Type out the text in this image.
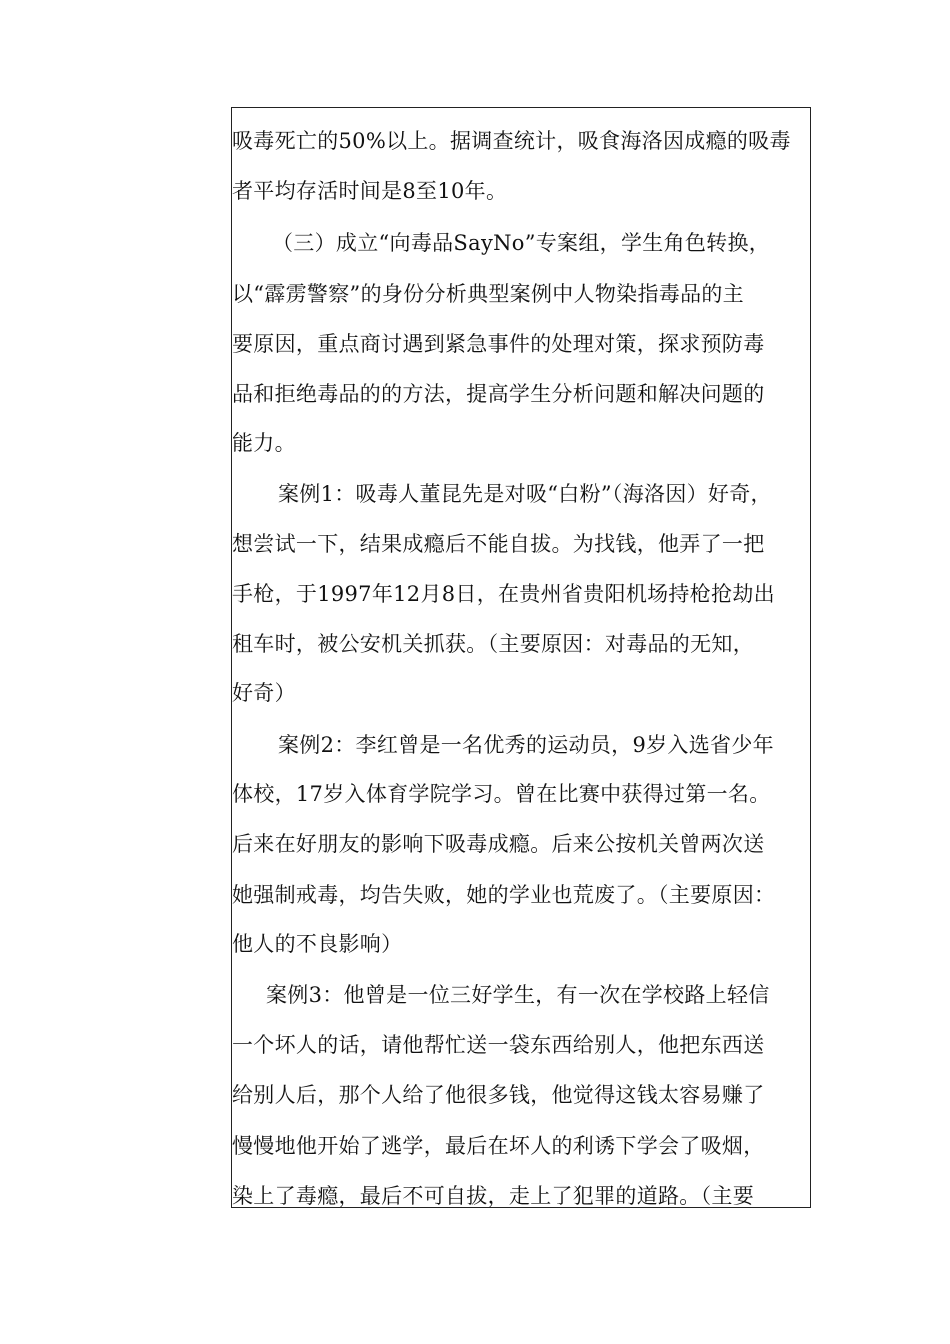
吸毒死亡的50%以上。据调查统计，吸食海洛因成瘾的吸毒
者平均存活时间是8至10年。
（三）成立“向毒品SayNo”专案组，学生角色转换，
以“霹雳警察”的身份分析典型案例中人物染指毒品的主
要原因，重点商讨遇到紧急事件的处理对策，探求预防毒
品和拒绝毒品的的方法，提高学生分析问题和解决问题的
能力。
案例1：吸毒人董昆先是对吸“白粉”（海洛因）好奇，
想尝试一下，结果成瘾后不能自拔。为找钱，他弄了一把
手枪，于1997年12月8日，在贵州省贵阳机场持枪抢劫出
租车时，被公安机关抓获。（主要原因：对毒品的无知，
好奇）
案例2：李红曾是一名优秀的运动员，9岁入选省少年
体校，17岁入体育学院学习。曾在比赛中获得过第一名。
后来在好朋友的影响下吸毒成瘾。后来公按机关曾两次送
她强制戒毒，均告失败，她的学业也荒废了。（主要原因：
他人的不良影响）
案例3：他曾是一位三好学生，有一次在学校路上轻信
一个坏人的话，请他帮忙送一袋东西给别人，他把东西送
给别人后，那个人给了他很多钱，他觉得这钱太容易赚了
慢慢地他开始了逃学，最后在坏人的利诱下学会了吸烟，
染上了毒瘾，最后不可自拔，走上了犯罪的道路。（主要
